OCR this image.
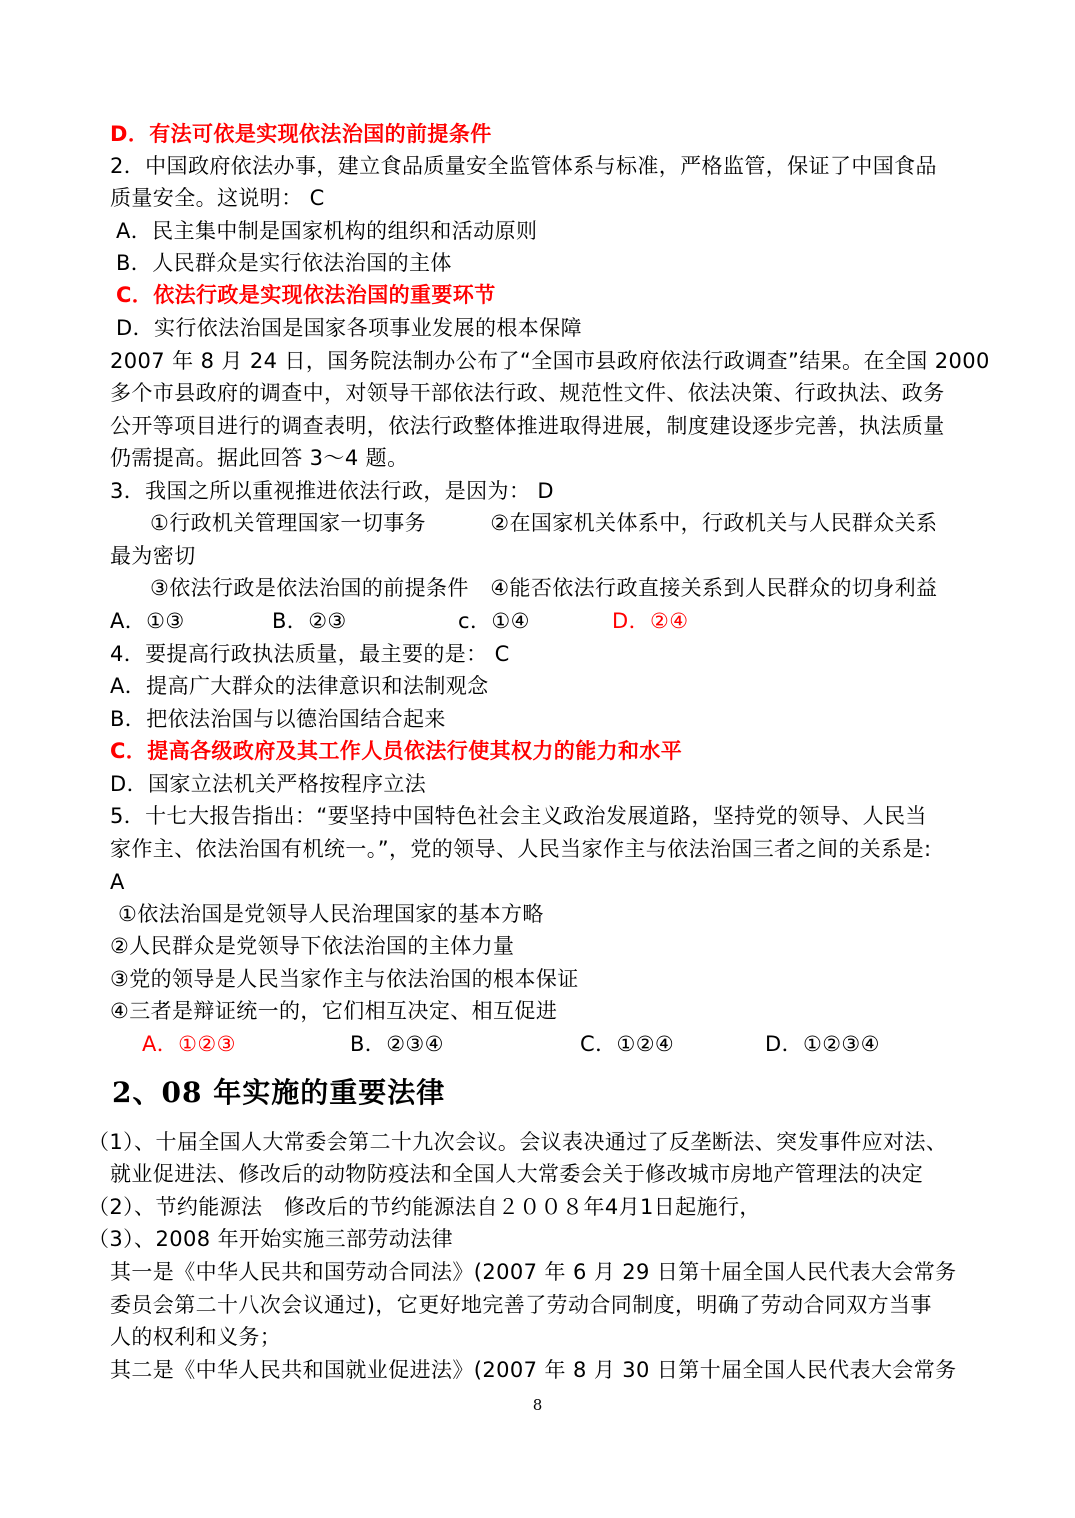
D．有法可依是实现依法治国的前提条件
2．中国政府依法办事，建立食品质量安全监管体系与标准，严格监管，保证了中国食品
质量安全。这说明： C
A．民主集中制是国家机构的组织和活动原则
B．人民群众是实行依法治国的主体
C．依法行政是实现依法治国的重要环节
D．实行依法治国是国家各项事业发展的根本保障
2007 年 8 月 24 日，国务院法制办公布了“全国市县政府依法行政调查”结果。在全国 2000
多个市县政府的调查中，对领导干部依法行政、规范性文件、依法决策、行政执法、政务
公开等项目进行的调查表明，依法行政整体推进取得进展，制度建设逐步完善，执法质量
仍需提高。据此回答 3～4 题。
3．我国之所以重视推进依法行政，是因为： D
①行政机关管理国家一切事务　　　②在国家机关体系中，行政机关与人民群众关系
最为密切
③依法行政是依法治国的前提条件　④能否依法行政直接关系到人民群众的切身利益
A．①③	B．②③	c．①④	D．②④
4．要提高行政执法质量，最主要的是： C
A．提高广大群众的法律意识和法制观念
B．把依法治国与以德治国结合起来
C．提高各级政府及其工作人员依法行使其权力的能力和水平
D．国家立法机关严格按程序立法
5．十七大报告指出：“要坚持中国特色社会主义政治发展道路，坚持党的领导、人民当
家作主、依法治国有机统一。”，党的领导、人民当家作主与依法治国三者之间的关系是:
A
①依法治国是党领导人民治理国家的基本方略
②人民群众是党领导下依法治国的主体力量
③党的领导是人民当家作主与依法治国的根本保证
④三者是辩证统一的，它们相互决定、相互促进
A．①②③	B．②③④	C．①②④	D．①②③④
2、08 年实施的重要法律
（1）、十届全国人大常委会第二十九次会议。会议表决通过了反垄断法、突发事件应对法、
就业促进法、修改后的动物防疫法和全国人大常委会关于修改城市房地产管理法的决定
（2）、节约能源法　修改后的节约能源法自２００８年4月1日起施行，
（3）、2008 年开始实施三部劳动法律
其一是《中华人民共和国劳动合同法》(2007 年 6 月 29 日第十届全国人民代表大会常务
委员会第二十八次会议通过)，它更好地完善了劳动合同制度，明确了劳动合同双方当事
人的权利和义务；
其二是《中华人民共和国就业促进法》(2007 年 8 月 30 日第十届全国人民代表大会常务
8
